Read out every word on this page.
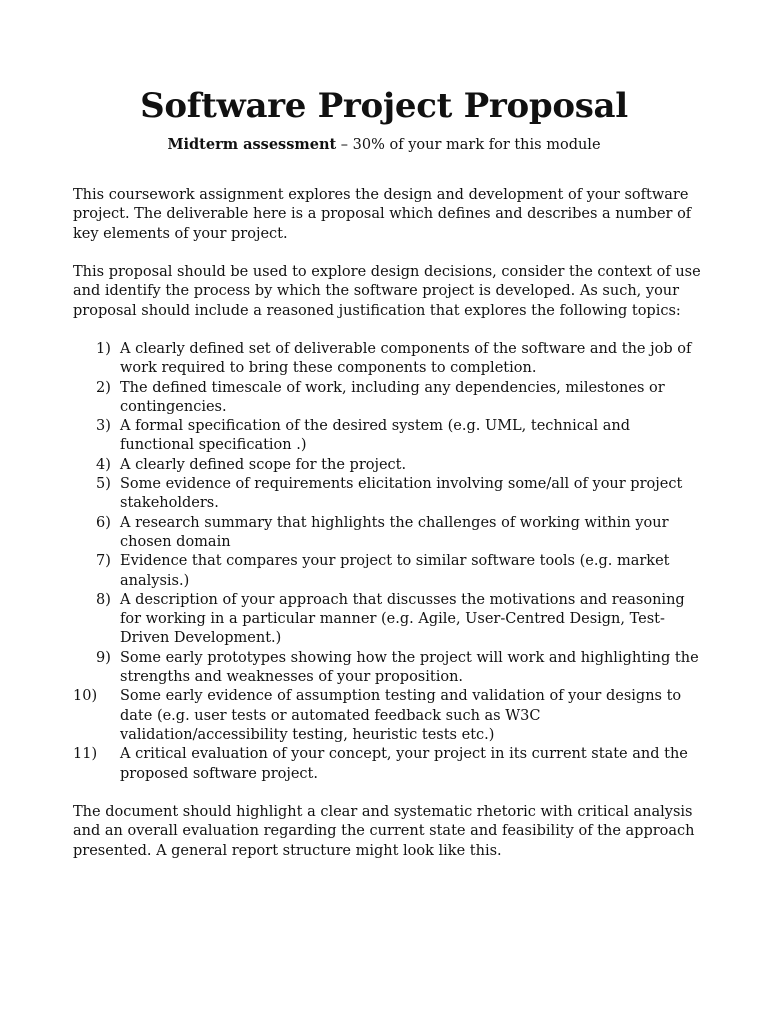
Software Project Proposal

Midterm assessment – 30% of your mark for this module

This coursework assignment explores the design and development of your software project. The deliverable here is a proposal which defines and describes a number of key elements of your project.

This proposal should be used to explore design decisions, consider the context of use and identify the process by which the software project is developed. As such, your proposal should include a reasoned justification that explores the following topics:

1) A clearly defined set of deliverable components of the software and the job of work required to bring these components to completion.
2) The defined timescale of work, including any dependencies, milestones or contingencies.
3) A formal specification of the desired system (e.g. UML, technical and functional specification .)
4) A clearly defined scope for the project.
5) Some evidence of requirements elicitation involving some/all of your project stakeholders.
6) A research summary that highlights the challenges of working within your chosen domain
7) Evidence that compares your project to similar software tools (e.g. market analysis.)
8) A description of your approach that discusses the motivations and reasoning for working in a particular manner (e.g. Agile, User-Centred Design, Test-Driven Development.)
9) Some early prototypes showing how the project will work and highlighting the strengths and weaknesses of your proposition.
10) Some early evidence of assumption testing and validation of your designs to date (e.g. user tests or automated feedback such as W3C validation/accessibility testing, heuristic tests etc.)
11) A critical evaluation of your concept, your project in its current state and the proposed software project.

The document should highlight a clear and systematic rhetoric with critical analysis and an overall evaluation regarding the current state and feasibility of the approach presented. A general report structure might look like this.
